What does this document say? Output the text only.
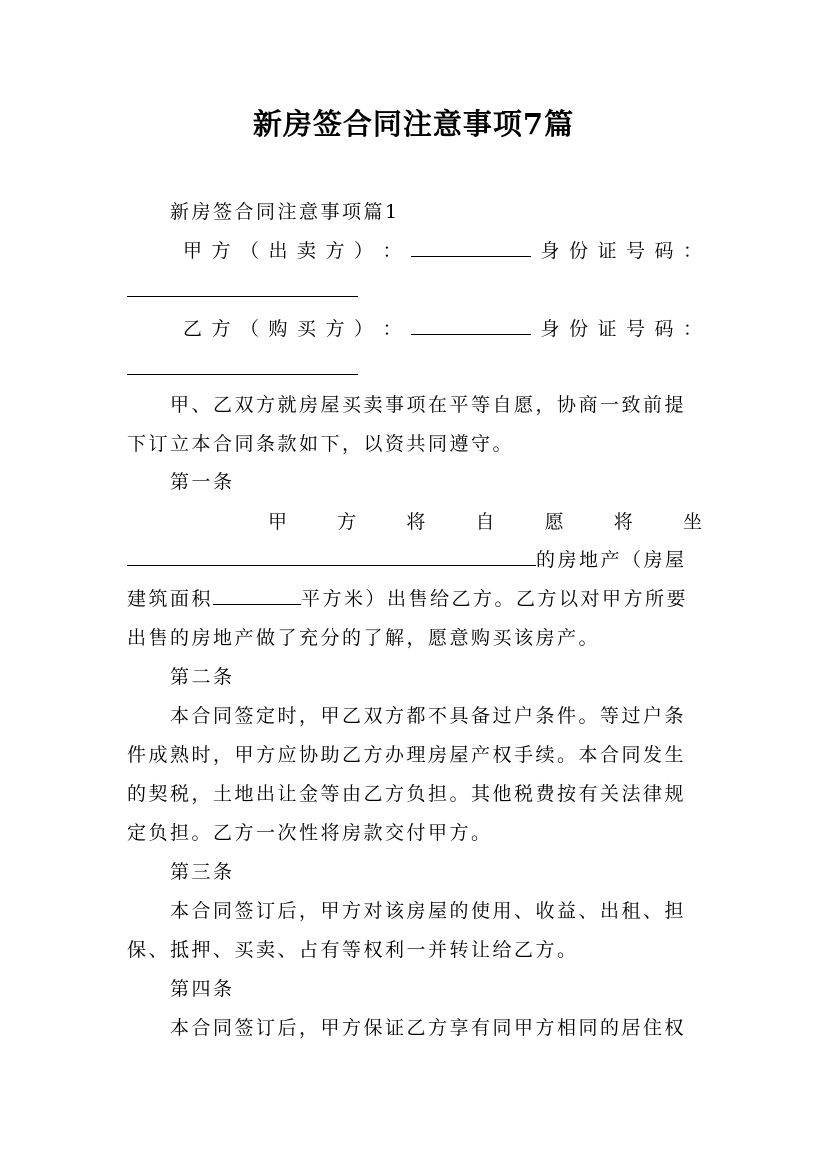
新房签合同注意事项7篇
新房签合同注意事项篇1
甲 方 （ 出 卖 方 ） ：	身 份 证 号 码 ：
乙 方 （ 购 买 方 ） ：	身 份 证 号 码 ：
甲、乙双方就房屋买卖事项在平等自愿，协商一致前提
下订立本合同条款如下，以资共同遵守。
第一条
甲	方	将	自	愿	将	坐
的房地产（房屋
建筑面积	平方米）出售给乙方。乙方以对甲方所要
出售的房地产做了充分的了解，愿意购买该房产。
第二条
本合同签定时，甲乙双方都不具备过户条件。等过户条
件成熟时，甲方应协助乙方办理房屋产权手续。本合同发生
的契税，土地出让金等由乙方负担。其他税费按有关法律规
定负担。乙方一次性将房款交付甲方。
第三条
本合同签订后，甲方对该房屋的使用、收益、出租、担
保、抵押、买卖、占有等权利一并转让给乙方。
第四条
本合同签订后，甲方保证乙方享有同甲方相同的居住权
